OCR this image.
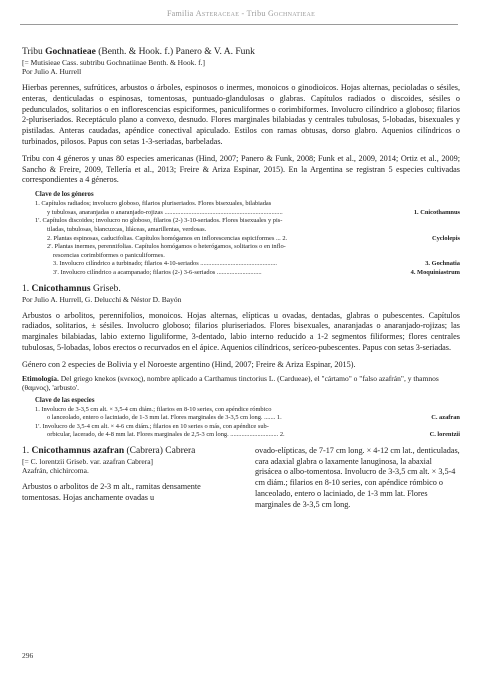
Familia Asteraceae - Tribu Gochnatieae

Tribu Gochnatieae (Benth. & Hook. f.) Panero & V. A. Funk

[= Mutisieae Cass. subtribu Gochnatiinae Benth. & Hook. f.]

Por Julio A. Hurrell

Hierbas perennes, sufrútices, arbustos o árboles, espinosos o inermes, monoicos o ginodioicos. Hojas alternas, pecioladas o sésiles, enteras, denticuladas o espinosas, tomentosas, puntuado-glandulosas o glabras. Capítulos radiados o discoides, sésiles o pedunculados, solitarios o en inflorescencias espiciformes, paniculiformes o corimbiformes. Involucro cilíndrico a globoso; filarios 2-pluriseriados. Receptáculo plano a convexo, desnudo. Flores marginales bilabiadas y centrales tubulosas, 5-lobadas, bisexuales y pistiladas. Anteras caudadas, apéndice conectival apiculado. Estilos con ramas obtusas, dorso glabro. Aquenios cilíndricos o turbinados, pilosos. Papus con setas 1-3-seriadas, barbeladas.

Tribu con 4 géneros y unas 80 especies americanas (Hind, 2007; Panero & Funk, 2008; Funk et al., 2009, 2014; Ortiz et al., 2009; Sancho & Freire, 2009, Tellería et al., 2013; Freire & Ariza Espinar, 2015). En la Argentina se registran 5 especies cultivadas correspondientes a 4 géneros.

Clave de los géneros

1. Capítulos radiados; involucro globoso, filarios pluriseriados. Flores bisexuales, bilabiadas
y tubulosas, anaranjadas o anaranjado-rojizas ..........................................................................	1. Cnicothamnus
1'. Capítulos discoides; involucro no globoso, filarios (2-) 3-10-seriados. Flores bisexuales y pis-
tiladas, tubulosas, blancuzcas, liláceas, amarillentas, verdosas.
2. Plantas espinosas, caducifolias. Capítulos homógamos en inflorescencias espiciformes ... 2.	Cyclolepis
2'. Plantas inermes, perennifolias. Capítulos homógamos o heterógamos, solitarios o en inflo-
rescencias corimbiformes o paniculiformes.
3. Involucro cilíndrico a turbinado; filarios 4-10-seriados ................................................	3. Gochnatia
3'. Involucro cilíndrico a acampanado; filarios (2-) 3-6-seriados ............................	4. Moquiniastrum

1. Cnicothamnus Griseb.

Por Julio A. Hurrell, G. Delucchi & Néstor D. Bayón

Arbustos o arbolitos, perennifolios, monoicos. Hojas alternas, elípticas u ovadas, dentadas, glabras o pubescentes. Capítulos radiados, solitarios, ± sésiles. Involucro globoso; filarios pluriseriados. Flores bisexuales, anaranjadas o anaranjado-rojizas; las marginales bilabiadas, labio externo liguliforme, 3-dentado, labio interno reducido a 1-2 segmentos filiformes; flores centrales tubulosas, 5-lobadas, lobos erectos o recurvados en el ápice. Aquenios cilíndricos, seríceo-pubescentes. Papus con setas 3-seriadas.

Género con 2 especies de Bolivia y el Noroeste argentino (Hind, 2007; Freire & Ariza Espinar, 2015).

Etimología. Del griego knekos (κνεκος), nombre aplicado a Carthamus tinctorius L. (Cardueae), el "cártamo" o "falso azafrán", y thamnos (θαμνος), 'arbusto'.

Clave de las especies

1. Involucro de 3-3,5 cm alt. × 3,5-4 cm diám.; filarios en 8-10 series, con apéndice rómbico
o lanceolado, entero o laciniado, de 1-3 mm lat. Flores marginales de 3-3,5 cm long. ....... 1.	C. azafran
1'. Involucro de 3,5-4 cm alt. × 4-6 cm diám.; filarios en 10 series o más, con apéndice sub-
orbicular, lacerado, de 4-8 mm lat. Flores marginales de 2,5-3 cm long. .............................. 2.	C. lorentzii

1. Cnicothamnus azafran (Cabrera) Cabrera

[= C. lorentzii Griseb. var. azafran Cabrera]

Azafrán, chichircoma.

Arbustos o arbolitos de 2-3 m alt., ramitas densamente tomentosas. Hojas anchamente ovadas u

ovado-elípticas, de 7-17 cm long. × 4-12 cm lat., denticuladas, cara adaxial glabra o laxamente lanuginosa, la abaxial grisácea o albo-tomentosa. Involucro de 3-3,5 cm alt. × 3,5-4 cm diám.; filarios en 8-10 series, con apéndice rómbico o lanceolado, entero o laciniado, de 1-3 mm lat. Flores marginales de 3-3,5 cm long.

296
